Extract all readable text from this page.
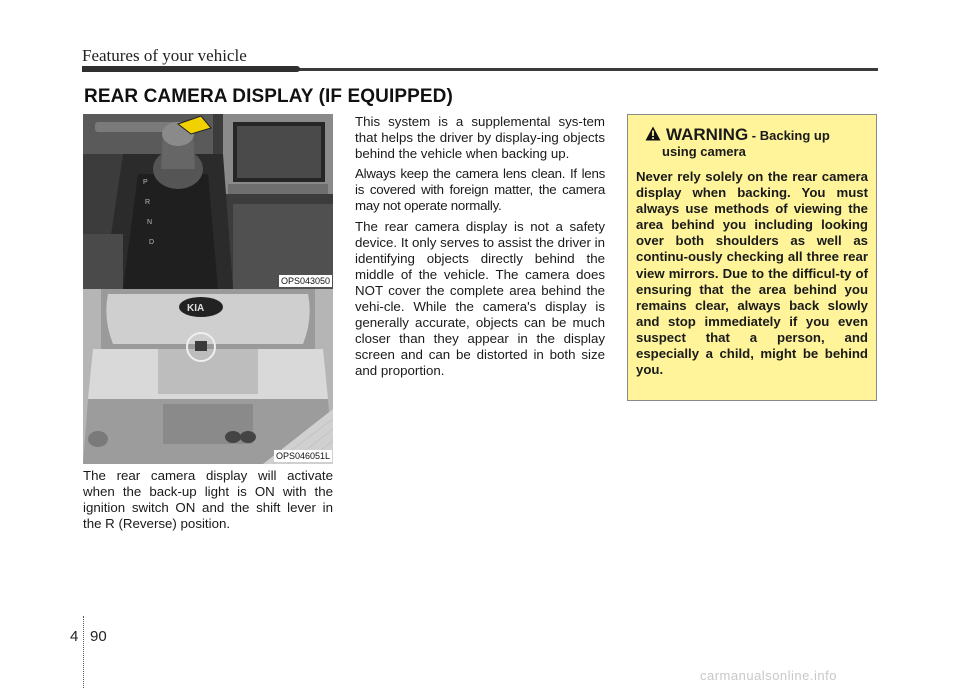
Features of your vehicle
REAR CAMERA DISPLAY (IF EQUIPPED)
P
R
N
D
OPS043050
KIA
OPS046051L
The rear camera display will activate when the back-up light is ON with the ignition switch ON and the shift lever in the R (Reverse) position.

This system is a supplemental sys-tem that helps the driver by display-ing objects behind the vehicle when backing up.

Always keep the camera lens clean. If lens is covered with foreign matter, the camera may not operate normally.

The rear camera display is not a safety device. It only serves to assist the driver in identifying objects directly behind the middle of the vehicle. The camera does NOT cover the complete area behind the vehi-cle. While the camera's display is generally accurate, objects can be much closer than they appear in the display screen and can be distorted in both size and proportion.

WARNING - Backing up
using camera
Never rely solely on the rear camera display when backing. You must always use methods of viewing the area behind you including looking over both shoulders as well as continu-ously checking all three rear view mirrors. Due to the difficul-ty of ensuring that the area behind you remains clear, always back slowly and stop immediately if you even suspect that a person, and especially a child, might be behind you.
4 90
carmanualsonline.info
